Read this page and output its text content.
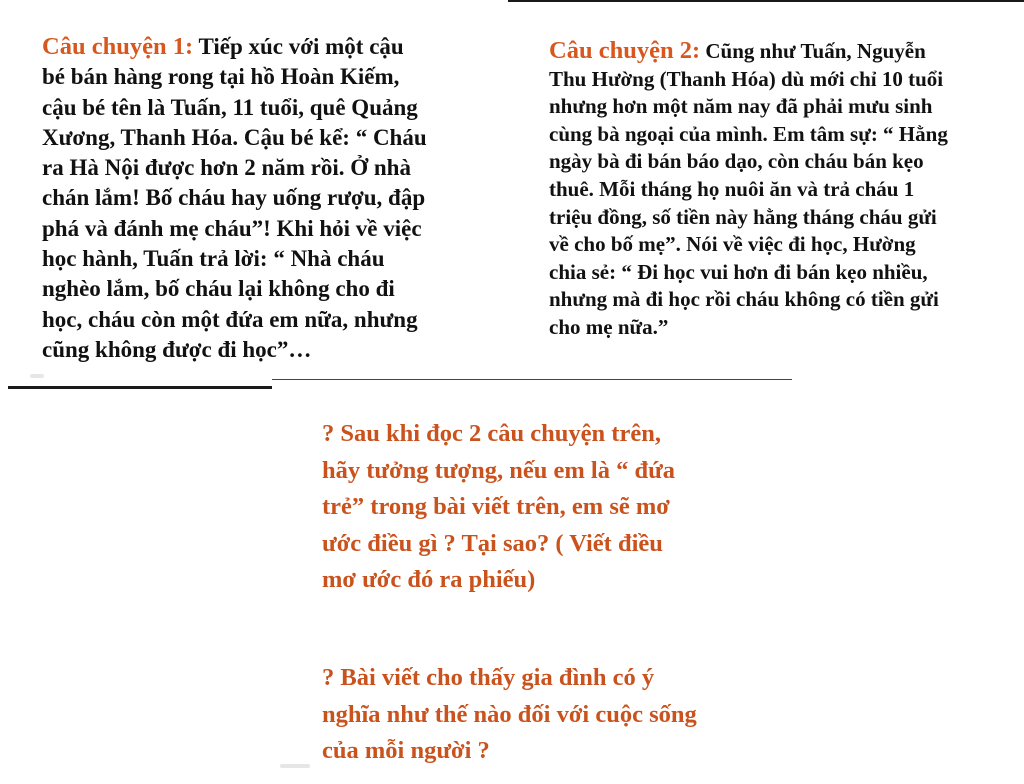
Câu chuyện 1: Tiếp xúc với một cậu
bé bán hàng rong tại hồ Hoàn Kiếm,
cậu bé tên là Tuấn, 11 tuổi, quê Quảng
Xương, Thanh Hóa. Cậu bé kể: “ Cháu
ra Hà Nội được hơn 2 năm rồi. Ở nhà
chán lắm! Bố cháu hay uống rượu, đập
phá và đánh mẹ cháu”! Khi hỏi về việc
học hành, Tuấn trả lời: “ Nhà cháu
nghèo lắm, bố cháu lại không cho đi
học, cháu còn một đứa em nữa, nhưng
cũng không được đi học”…
Câu chuyện 2: Cũng như Tuấn, Nguyễn
Thu Hường (Thanh Hóa) dù mới chỉ 10 tuổi
nhưng hơn một năm nay đã phải mưu sinh
cùng bà ngoại của mình. Em tâm sự: “ Hằng
ngày bà đi bán báo dạo, còn cháu bán kẹo
thuê. Mỗi tháng họ nuôi ăn và trả cháu 1
triệu đồng, số tiền này hằng tháng cháu gửi
về cho bố mẹ”. Nói về việc đi học, Hường
chia sẻ: “ Đi học vui hơn đi bán kẹo nhiều,
nhưng mà đi học rồi cháu không có tiền gửi
cho mẹ nữa.”
? Sau khi đọc 2 câu chuyện trên,
hãy tưởng tượng, nếu em là “ đứa
trẻ” trong bài viết trên, em sẽ mơ
ước điều gì ? Tại sao? ( Viết điều
mơ ước đó ra phiếu)
? Bài viết cho thấy gia đình có ý
nghĩa như thế nào đối với cuộc sống
của mỗi người ?
